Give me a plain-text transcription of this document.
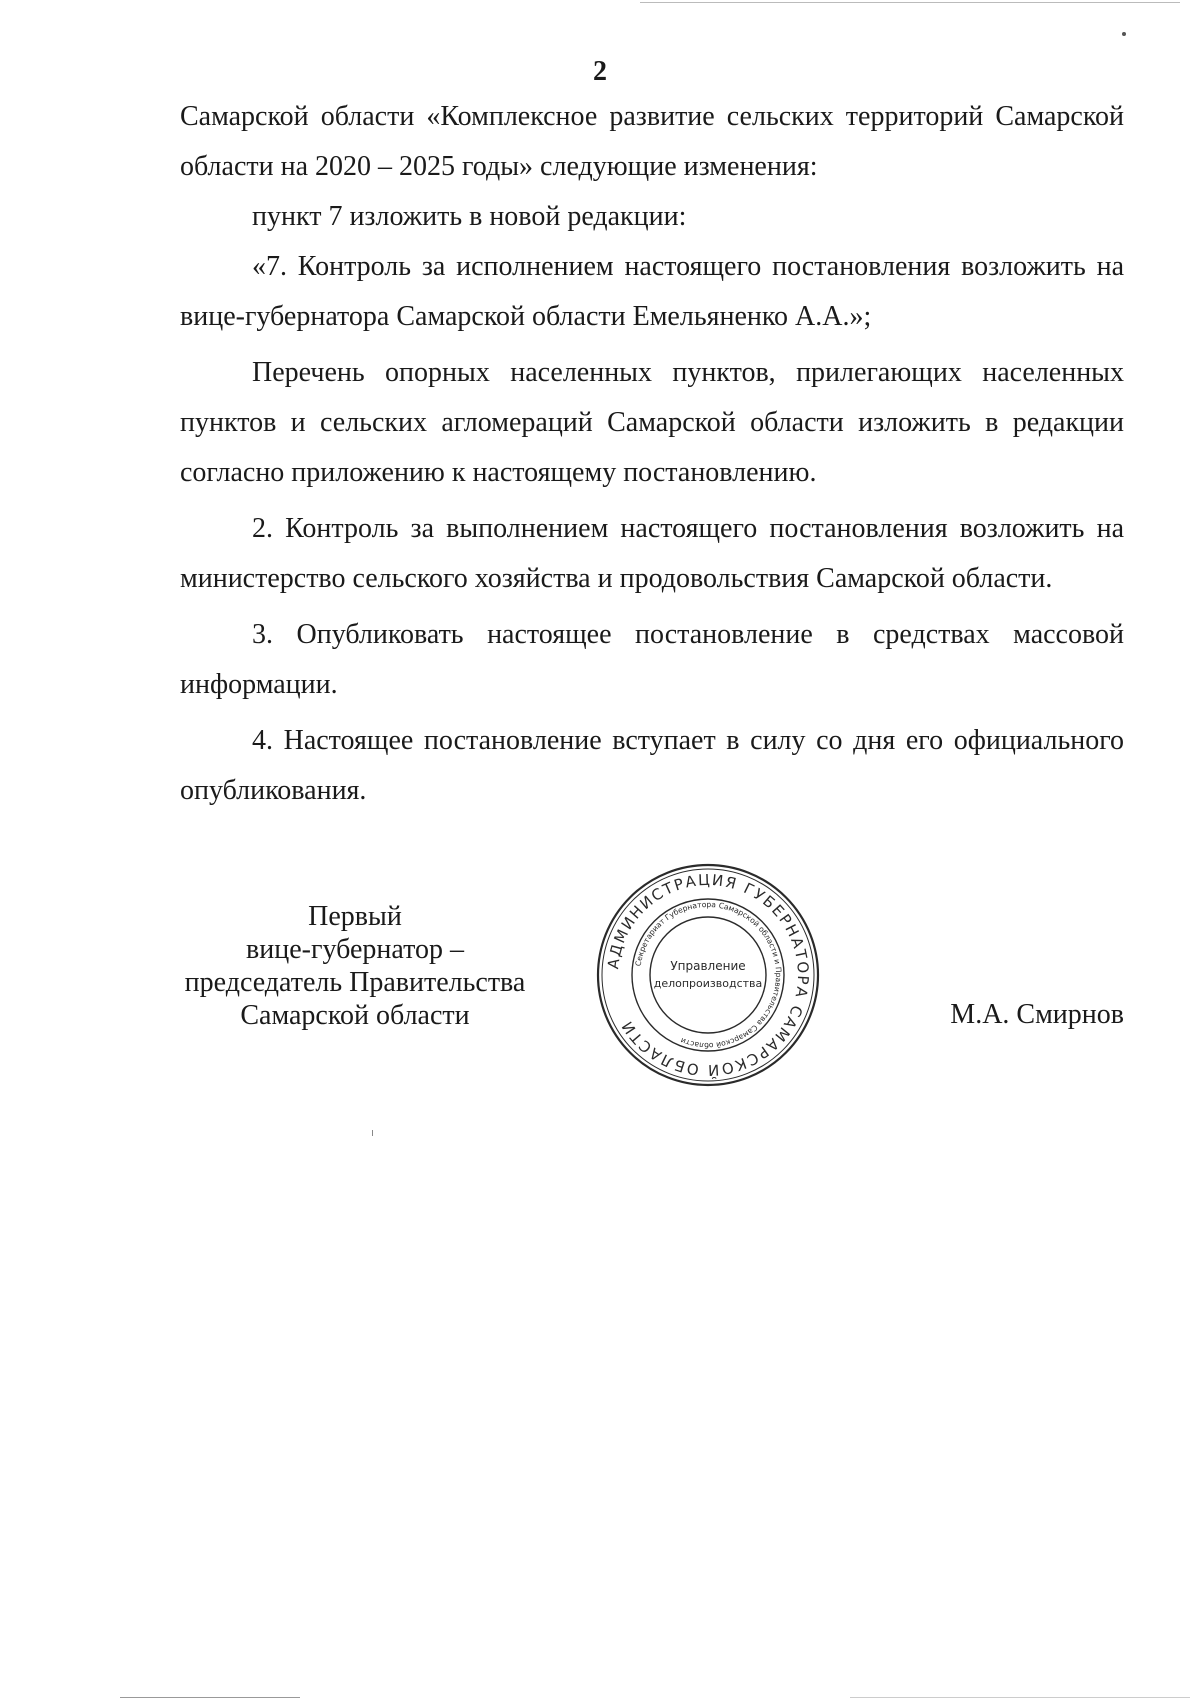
2

Самарской области «Комплексное развитие сельских территорий Самарской области на 2020 – 2025 годы» следующие изменения:

пункт 7 изложить в новой редакции:

«7. Контроль за исполнением настоящего постановления возложить на вице-губернатора Самарской области Емельяненко А.А.»;

Перечень опорных населенных пунктов, прилегающих населенных пунктов и сельских агломераций Самарской области изложить в редакции согласно приложению к настоящему постановлению.

2. Контроль за выполнением настоящего постановления возложить на министерство сельского хозяйства и продовольствия Самарской области.

3. Опубликовать настоящее постановление в средствах массовой информации.

4. Настоящее постановление вступает в силу со дня его официального опубликования.

Первый
вице-губернатор –
председатель Правительства
Самарской области
АДМИНИСТРАЦИЯ ГУБЕРНАТОРА САМАРСКОЙ ОБЛАСТИ
Секретариат Губернатора Самарской области и Правительства Самарской области
Управление
делопроизводства
М.А. Смирнов
